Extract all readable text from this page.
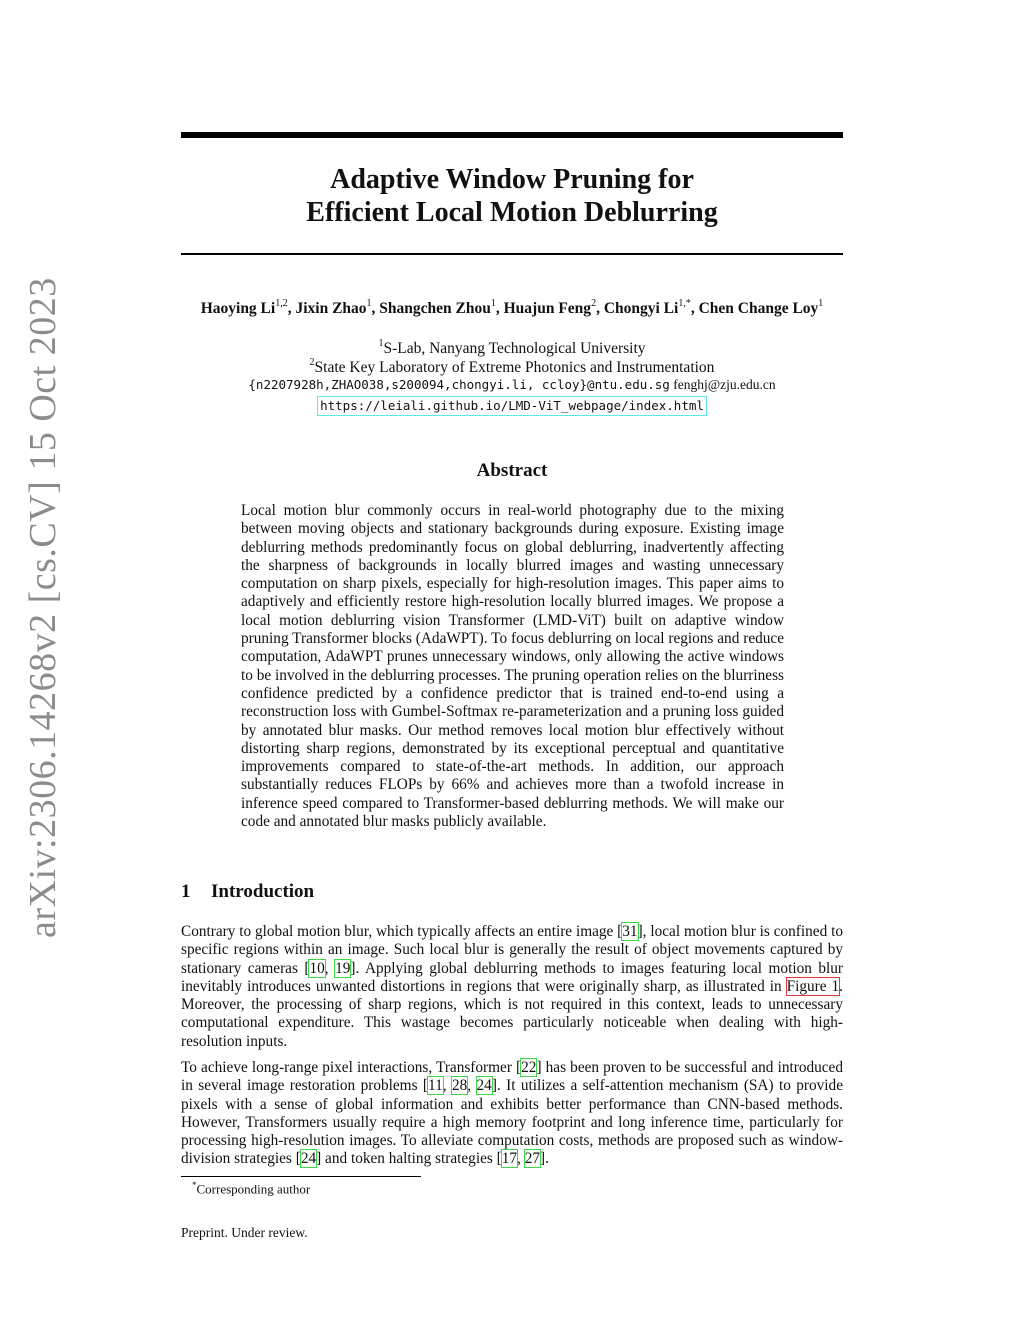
arXiv:2306.14268v2 [cs.CV] 15 Oct 2023
Adaptive Window Pruning for
Efficient Local Motion Deblurring
Haoying Li$^{1,2}$, Jixin Zhao$^1$, Shangchen Zhou$^1$, Huajun Feng$^2$, Chongyi $Li^{1,*}$, Chen Change Loy$^1$
$^1$S-Lab, Nanyang Technological University
$^2$State Key Laboratory of Extreme Photonics and Instrumentation
{n2207928h,ZHAO038,s200094,chongyi.li, ccloy}@ntu.edu.sg fenghj@zju.edu.cn
https://leiali.github.io/LMD-ViT_webpage/index.html
Abstract

Local motion blur commonly occurs in real-world photography due to the mixing between moving objects and stationary backgrounds during exposure. Existing image deblurring methods predominantly focus on global deblurring, inadvertently affecting the sharpness of backgrounds in locally blurred images and wasting unnecessary computation on sharp pixels, especially for high-resolution images. This paper aims to adaptively and efficiently restore high-resolution locally blurred images. We propose a local motion deblurring vision Transformer (LMD-ViT) built on adaptive window pruning Transformer blocks (AdaWPT). To focus deblurring on local regions and reduce computation, AdaWPT prunes unnecessary windows, only allowing the active windows to be involved in the deblurring processes. The pruning operation relies on the blurriness confidence predicted by a confidence predictor that is trained end-to-end using a reconstruction loss with Gumbel-Softmax re-parameterization and a pruning loss guided by annotated blur masks. Our method removes local motion blur effectively without distorting sharp regions, demonstrated by its exceptional perceptual and quantitative improvements compared to state-of-the-art methods. In addition, our approach substantially reduces FLOPs by 66% and achieves more than a twofold increase in inference speed compared to Transformer-based deblurring methods. We will make our code and annotated blur masks publicly available.

1 Introduction

Contrary to global motion blur, which typically affects an entire image [31], local motion blur is confined to specific regions within an image. Such local blur is generally the result of object movements captured by stationary cameras [10, 19]. Applying global deblurring methods to images featuring local motion blur inevitably introduces unwanted distortions in regions that were originally sharp, as illustrated in Figure 1. Moreover, the processing of sharp regions, which is not required in this context, leads to unnecessary computational expenditure. This wastage becomes particularly noticeable when dealing with high-resolution inputs.

To achieve long-range pixel interactions, Transformer [22] has been proven to be successful and introduced in several image restoration problems [11, 28, 24]. It utilizes a self-attention mechanism (SA) to provide pixels with a sense of global information and exhibits better performance than CNN-based methods. However, Transformers usually require a high memory footprint and long inference time, particularly for processing high-resolution images. To alleviate computation costs, methods are proposed such as window-division strategies [24] and token halting strategies [17, 27].

*Corresponding author
Preprint. Under review.
